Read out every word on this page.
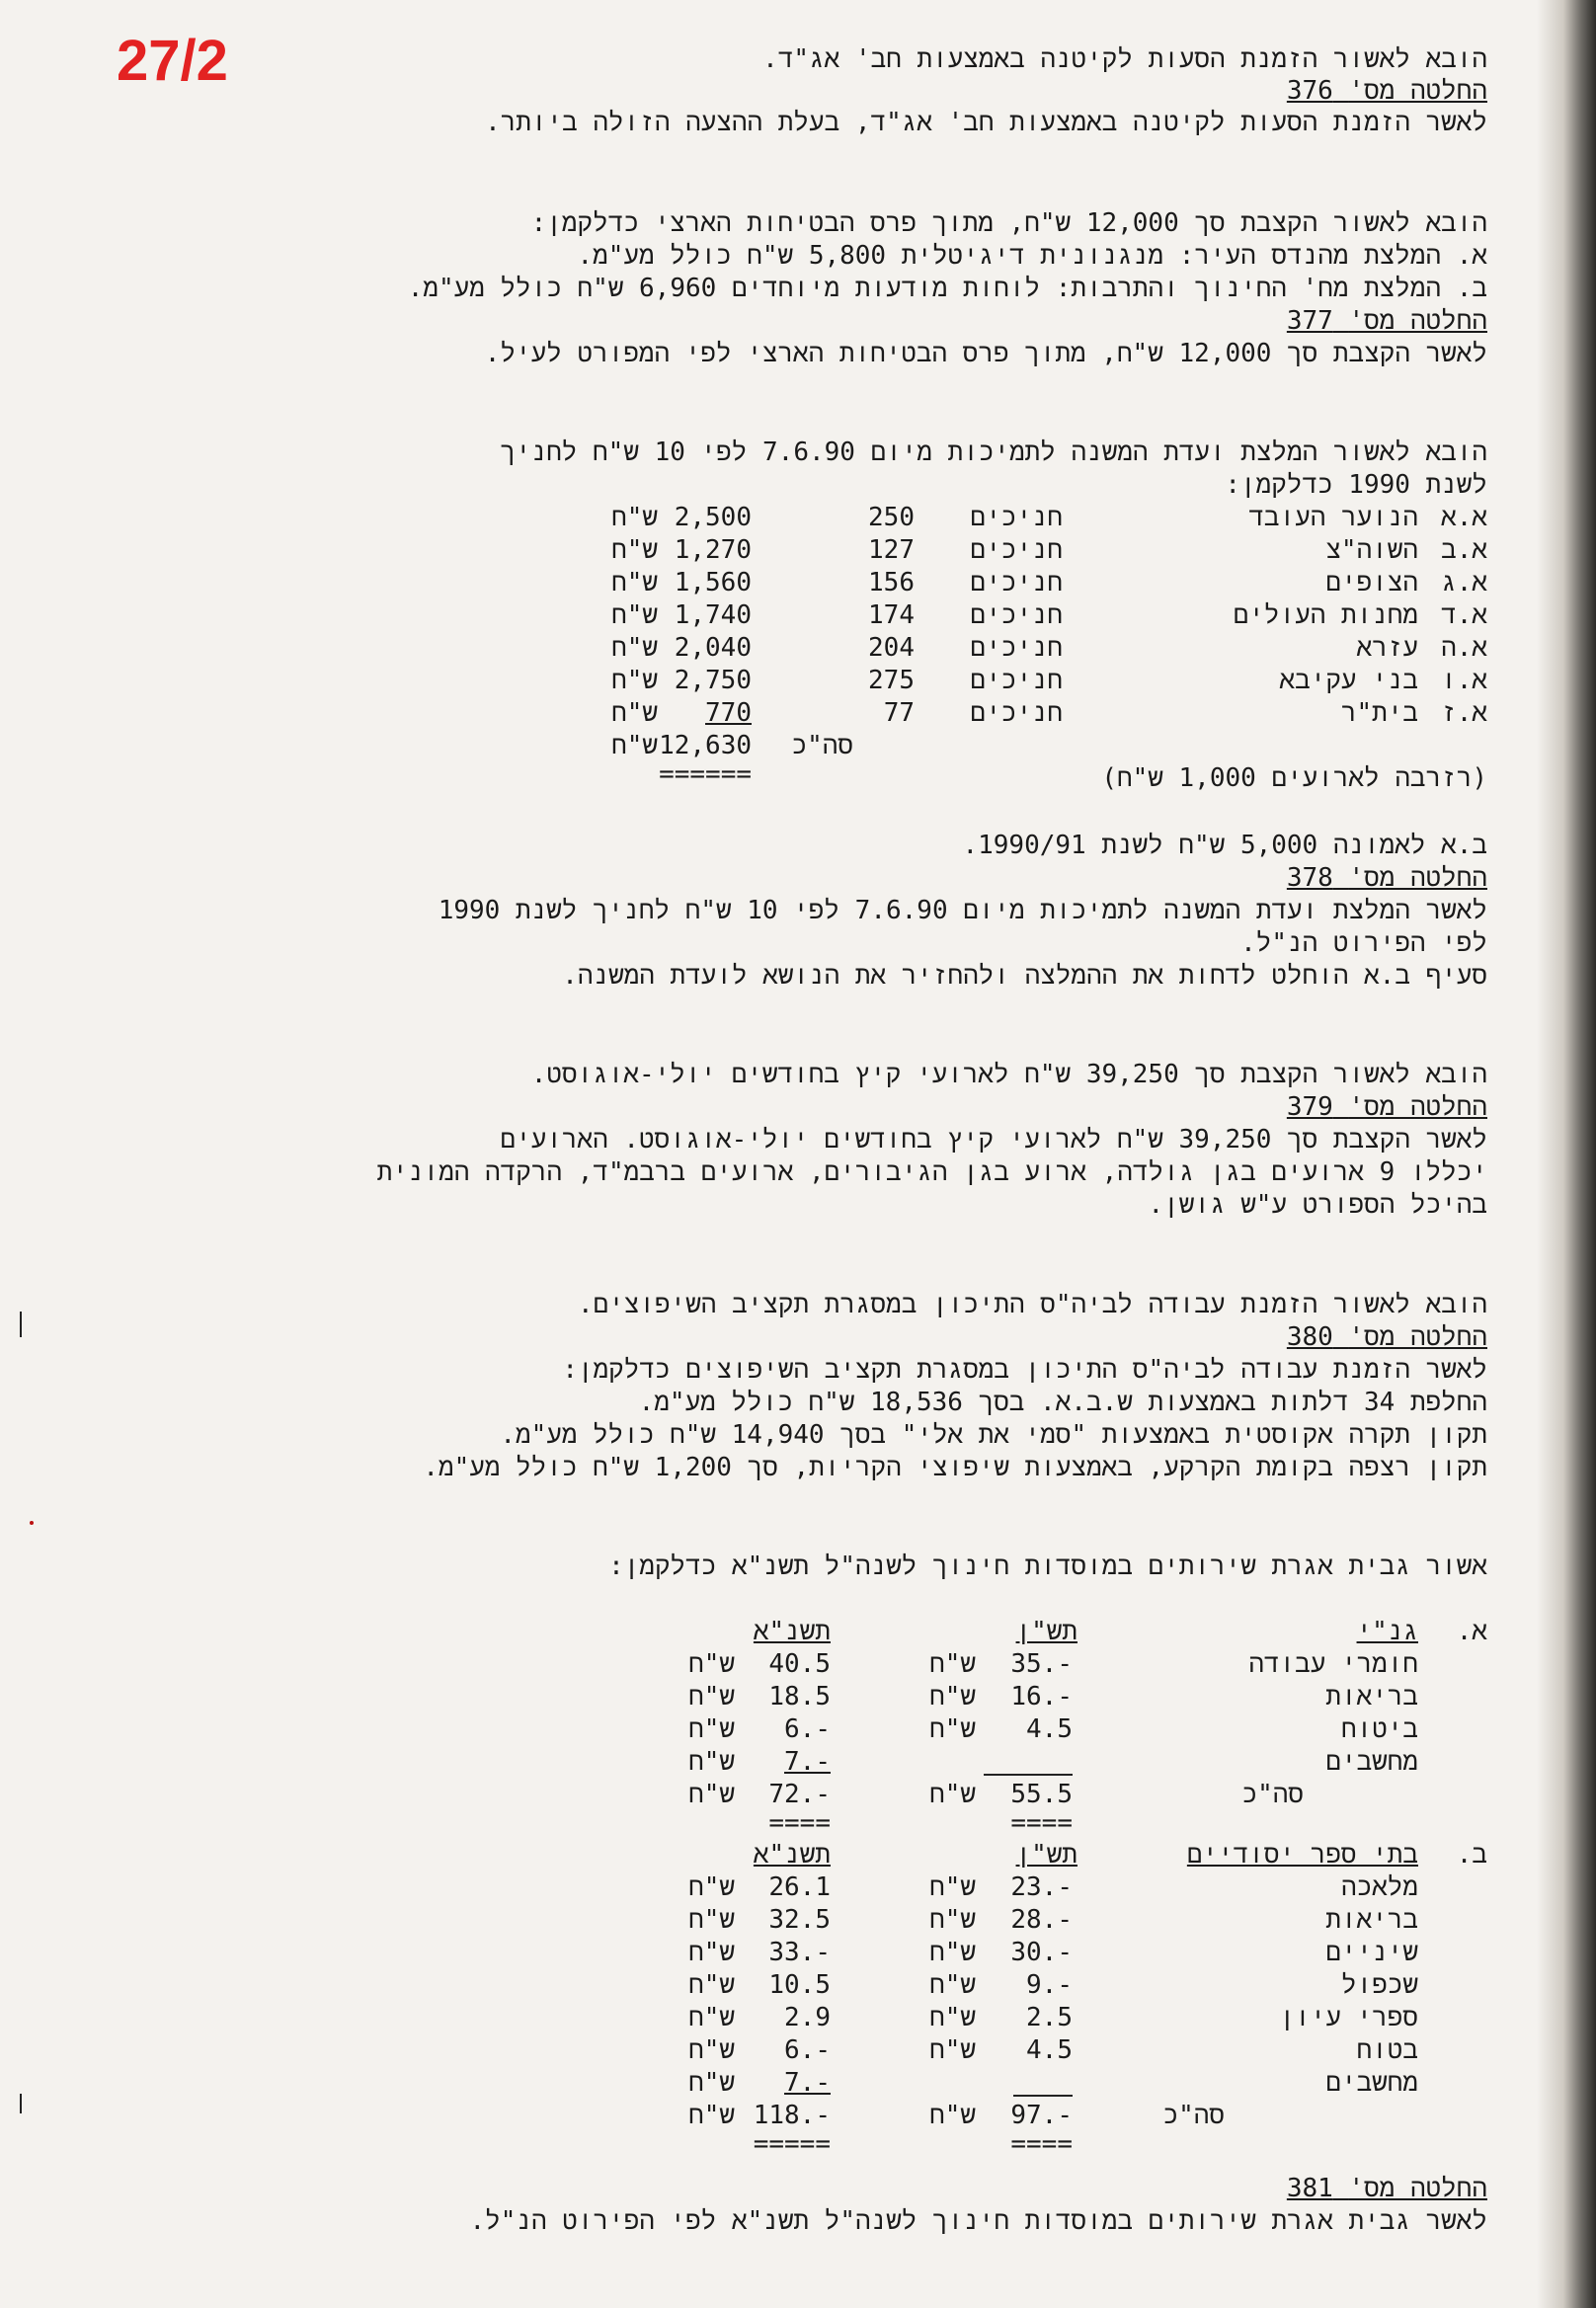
27/2	הובא לאשור הזמנת הסעות לקיטנה באמצעות חב' אג"ד.
החלטה מס' 376
לאשר הזמנת הסעות לקיטנה באמצעות חב' אג"ד, בעלת ההצעה הזולה ביותר.
הובא לאשור הקצבת סך 12,000 ש"ח, מתוך פרס הבטיחות הארצי כדלקמן:
א. המלצת מהנדס העיר: מנגנונית דיגיטלית 5,800 ש"ח כולל מע"מ.
ב. המלצת מח' החינוך והתרבות: לוחות מודעות מיוחדים 6,960 ש"ח כולל מע"מ.
החלטה מס' 377
לאשר הקצבת סך 12,000 ש"ח, מתוך פרס הבטיחות הארצי לפי המפורט לעיל.
הובא לאשור המלצת ועדת המשנה לתמיכות מיום 7.6.90 לפי 10 ש"ח לחניך
לשנת 1990 כדלקמן:
א.א
הנוער העובד
חניכים
250
2,500
ש"ח
א.ב
השוה"צ
חניכים
127
1,270
ש"ח
א.ג
הצופים
חניכים
156
1,560
ש"ח
א.ד
מחנות העולים
חניכים
174
1,740
ש"ח
א.ה
עזרא
חניכים
204
2,040
ש"ח
א.ו
בני עקיבא
חניכים
275
2,750
ש"ח
א.ז
בית"ר
חניכים
77
770
ש"ח
סה"כ
12,630
ש"ח
======	(רזרבה לארועים 1,000 ש"ח)
ב.א לאמונה 5,000 ש"ח לשנת 1990/91.
החלטה מס' 378
לאשר המלצת ועדת המשנה לתמיכות מיום 7.6.90 לפי 10 ש"ח לחניך לשנת 1990
לפי הפירוט הנ"ל.
סעיף ב.א הוחלט לדחות את ההמלצה ולהחזיר את הנושא לועדת המשנה.
הובא לאשור הקצבת סך 39,250 ש"ח לארועי קיץ בחודשים יולי-אוגוסט.
החלטה מס' 379
לאשר הקצבת סך 39,250 ש"ח לארועי קיץ בחודשים יולי-אוגוסט. הארועים
יכללו 9 ארועים בגן גולדה, ארוע בגן הגיבורים, ארועים ברבמ"ד, הרקדה המונית
בהיכל הספורט ע"ש גושן.
הובא לאשור הזמנת עבודה לביה"ס התיכון במסגרת תקציב השיפוצים.
החלטה מס' 380
לאשר הזמנת עבודה לביה"ס התיכון במסגרת תקציב השיפוצים כדלקמן:
החלפת 34 דלתות באמצעות ש.ב.א. בסך 18,536 ש"ח כולל מע"מ.
תקון תקרה אקוסטית באמצעות "סמי את אלי" בסך 14,940 ש"ח כולל מע"מ.
תקון רצפה בקומת הקרקע, באמצעות שיפוצי הקריות, סך 1,200 ש"ח כולל מע"מ.
אשור גבית אגרת שירותים במוסדות חינוך לשנה"ל תשנ"א כדלקמן:
א.
גנ"י
תש"ן
תשנ"א
חומרי עבודה
35.-
ש"ח
40.5
ש"ח
בריאות
16.-
ש"ח
18.5
ש"ח
ביטוח
4.5
ש"ח
6.-
ש"ח
מחשבים
7.-
ש"ח
סה"כ
55.5
ש"ח
72.-
ש"ח
====
====
ב.
בתי ספר יסודיים
תש"ן
תשנ"א
מלאכה
23.-
ש"ח
26.1
ש"ח
בריאות
28.-
ש"ח
32.5
ש"ח
שיניים
30.-
ש"ח
33.-
ש"ח
שכפול
9.-
ש"ח
10.5
ש"ח
ספרי עיון
2.5
ש"ח
2.9
ש"ח
בטוח
4.5
ש"ח
6.-
ש"ח
מחשבים
7.-
ש"ח
סה"כ
97.-
ש"ח
118.-
ש"ח
====
=====
החלטה מס' 381
לאשר גבית אגרת שירותים במוסדות חינוך לשנה"ל תשנ"א לפי הפירוט הנ"ל.
